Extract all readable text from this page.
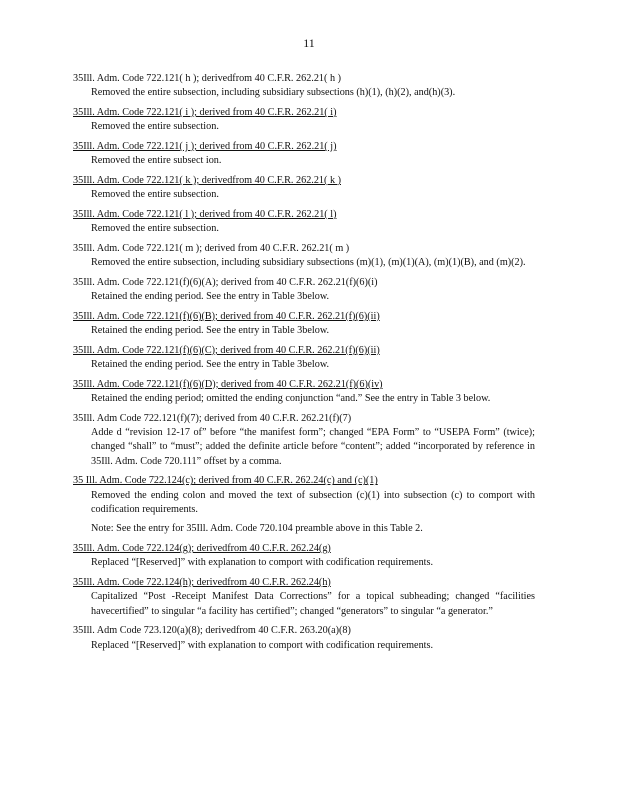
11
35Ill. Adm. Code 722.121( h ); derivedfrom 40 C.F.R. 262.21( h )
Removed the entire subsection, including subsidiary subsections (h)(1), (h)(2), and(h)(3).
35Ill. Adm. Code 722.121( i ); derived from 40 C.F.R. 262.21( i)
Removed the entire subsection.
35Ill. Adm. Code 722.121( j ); derived from 40 C.F.R. 262.21( j)
Removed the entire subsect ion.
35Ill. Adm. Code 722.121( k ); derivedfrom 40 C.F.R. 262.21( k )
Removed the entire subsection.
35Ill. Adm. Code 722.121( l ); derived from 40 C.F.R. 262.21( l)
Removed the entire subsection.
35Ill. Adm. Code 722.121( m ); derived from 40 C.F.R. 262.21( m )
Removed the entire subsection, including subsidiary subsections (m)(1), (m)(1)(A), (m)(1)(B), and (m)(2).
35Ill. Adm. Code 722.121(f)(6)(A); derived from 40 C.F.R. 262.21(f)(6)(i)
Retained the ending period. See the entry in Table 3below.
35Ill. Adm. Code 722.121(f)(6)(B); derived from 40 C.F.R. 262.21(f)(6)(ii)
Retained the ending period. See the entry in Table 3below.
35Ill. Adm. Code 722.121(f)(6)(C); derived from 40 C.F.R. 262.21(f)(6)(ii)
Retained the ending period. See the entry in Table 3below.
35Ill. Adm. Code 722.121(f)(6)(D); derived from 40 C.F.R. 262.21(f)(6)(iv)
Retained the ending period; omitted the ending conjunction “and.” See the entry in Table 3 below.
35Ill. Adm Code 722.121(f)(7); derived from 40 C.F.R. 262.21(f)(7)
Adde d “revision 12-17 of” before “the manifest form”; changed “EPA Form” to “USEPA Form” (twice); changed “shall” to “must”; added the definite article before “content”; added “incorporated by reference in 35Ill. Adm. Code 720.111” offset by a comma.
35 Ill. Adm. Code 722.124(c); derived from 40 C.F.R. 262.24(c) and (c)(1)
Removed the ending colon and moved the text of subsection (c)(1) into subsection (c) to comport with codification requirements.
Note: See the entry for 35Ill. Adm. Code 720.104 preamble above in this Table 2.
35Ill. Adm. Code 722.124(g); derivedfrom 40 C.F.R. 262.24(g)
Replaced “[Reserved]” with explanation to comport with codification requirements.
35Ill. Adm. Code 722.124(h); derivedfrom 40 C.F.R. 262.24(h)
Capitalized “Post -Receipt Manifest Data Corrections” for a topical subheading; changed “facilities havecertified” to singular “a facility has certified”; changed “generators” to singular “a generator.”
35Ill. Adm Code 723.120(a)(8); derivedfrom 40 C.F.R. 263.20(a)(8)
Replaced “[Reserved]” with explanation to comport with codification requirements.
